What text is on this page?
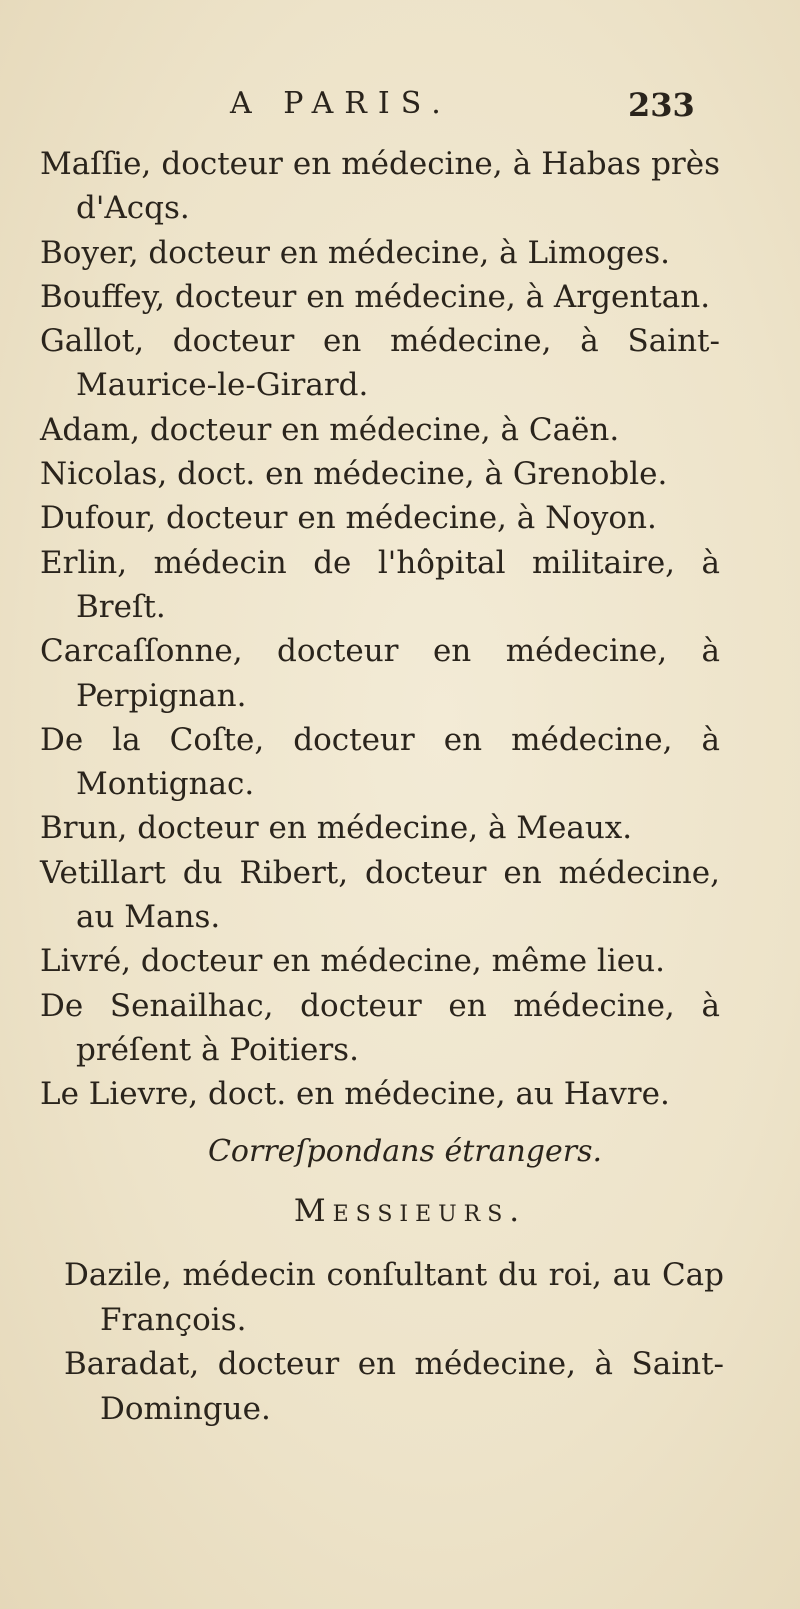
A PARIS.	233
Maſſie, docteur en médecine, à Habas près d'Acqs.
Boyer, docteur en médecine, à Limoges.
Bouffey, docteur en médecine, à Argentan.
Gallot, docteur en médecine, à Saint-Maurice-le-Girard.
Adam, docteur en médecine, à Caën.
Nicolas, doct. en médecine, à Grenoble.
Dufour, docteur en médecine, à Noyon.
Erlin, médecin de l'hôpital militaire, à Breſt.
Carcaſſonne, docteur en médecine, à Perpignan.
De la Coſte, docteur en médecine, à Montignac.
Brun, docteur en médecine, à Meaux.
Vetillart du Ribert, docteur en médecine, au Mans.
Livré, docteur en médecine, même lieu.
De Senailhac, docteur en médecine, à préſent à Poitiers.
Le Lievre, doct. en médecine, au Havre.
Correſpondans étrangers.
Messieurs.
Dazile, médecin conſultant du roi, au Cap François.
Baradat, docteur en médecine, à Saint-Domingue.
